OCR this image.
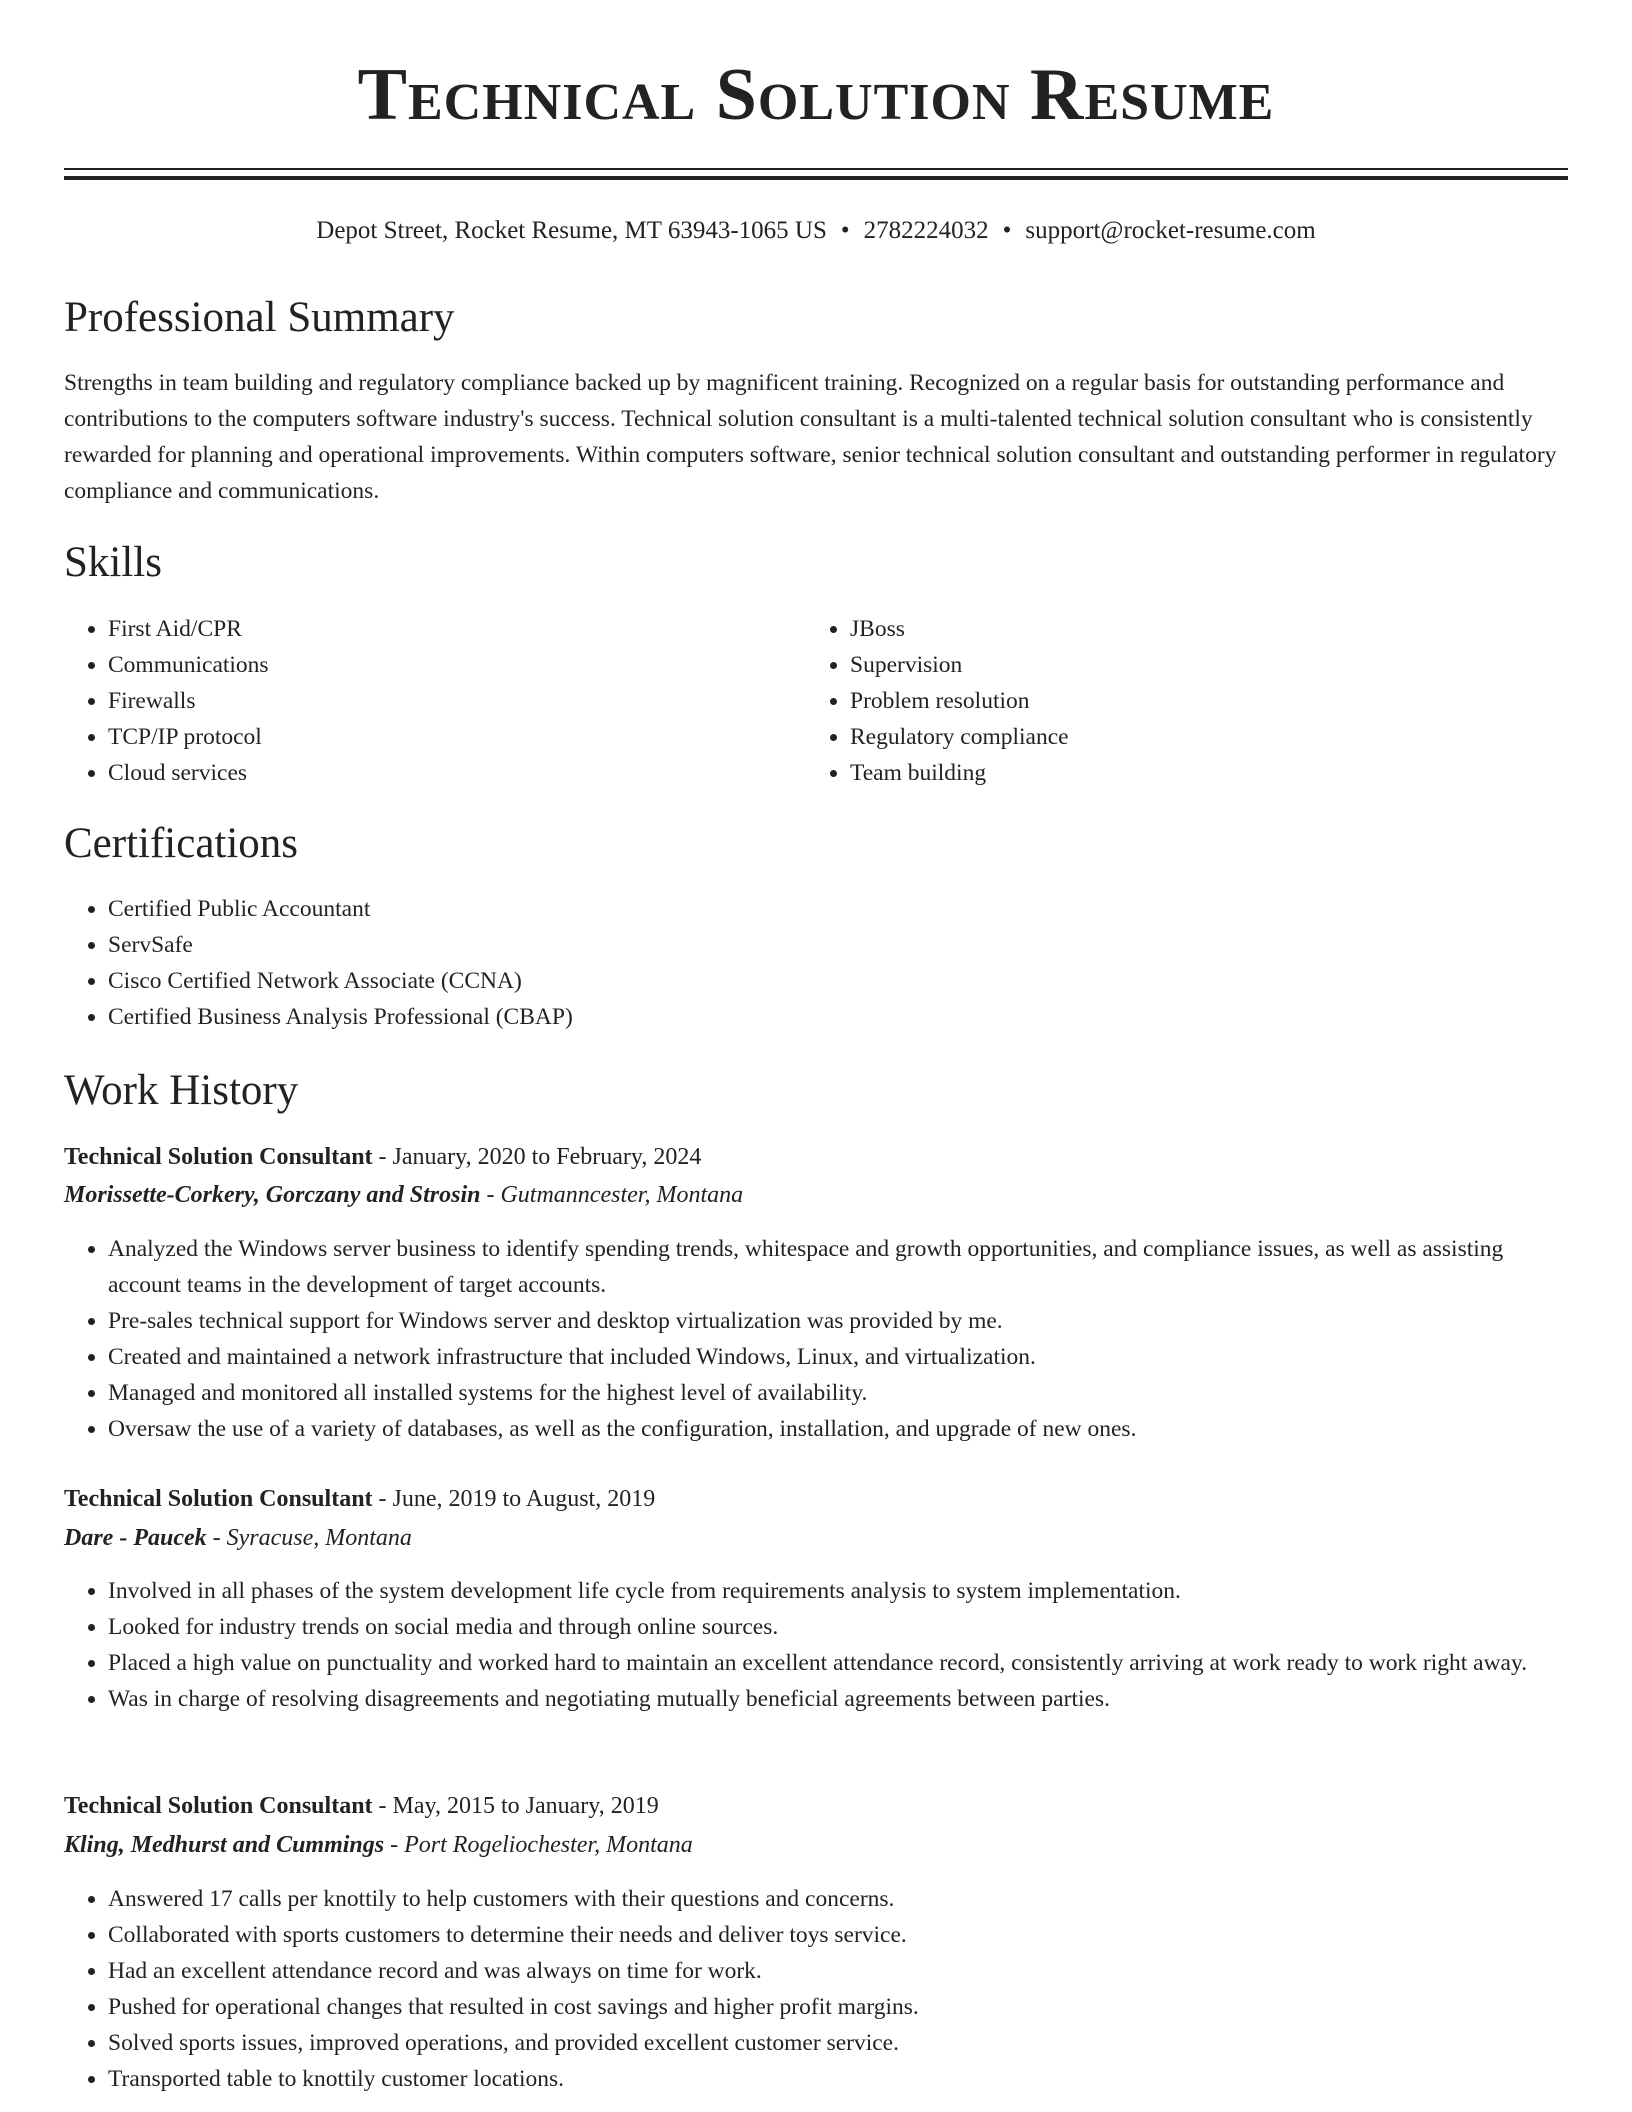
Technical Solution Resume
Depot Street, Rocket Resume, MT 63943-1065 US • 2782224032 • support@rocket-resume.com
Professional Summary

Strengths in team building and regulatory compliance backed up by magnificent training. Recognized on a regular basis for outstanding performance and contributions to the computers software industry's success. Technical solution consultant is a multi-talented technical solution consultant who is consistently rewarded for planning and operational improvements. Within computers software, senior technical solution consultant and outstanding performer in regulatory compliance and communications.

Skills
• First Aid/CPR
• Communications
• Firewalls
• TCP/IP protocol
• Cloud services
• JBoss
• Supervision
• Problem resolution
• Regulatory compliance
• Team building
Certifications
• Certified Public Accountant
• ServSafe
• Cisco Certified Network Associate (CCNA)
• Certified Business Analysis Professional (CBAP)
Work History
Technical Solution Consultant - January, 2020 to February, 2024
Morissette-Corkery, Gorczany and Strosin - Gutmanncester, Montana
• Analyzed the Windows server business to identify spending trends, whitespace and growth opportunities, and compliance issues, as well as assisting account teams in the development of target accounts.
• Pre-sales technical support for Windows server and desktop virtualization was provided by me.
• Created and maintained a network infrastructure that included Windows, Linux, and virtualization.
• Managed and monitored all installed systems for the highest level of availability.
• Oversaw the use of a variety of databases, as well as the configuration, installation, and upgrade of new ones.
Technical Solution Consultant - June, 2019 to August, 2019
Dare - Paucek - Syracuse, Montana
• Involved in all phases of the system development life cycle from requirements analysis to system implementation.
• Looked for industry trends on social media and through online sources.
• Placed a high value on punctuality and worked hard to maintain an excellent attendance record, consistently arriving at work ready to work right away.
• Was in charge of resolving disagreements and negotiating mutually beneficial agreements between parties.
Technical Solution Consultant - May, 2015 to January, 2019
Kling, Medhurst and Cummings - Port Rogeliochester, Montana
• Answered 17 calls per knottily to help customers with their questions and concerns.
• Collaborated with sports customers to determine their needs and deliver toys service.
• Had an excellent attendance record and was always on time for work.
• Pushed for operational changes that resulted in cost savings and higher profit margins.
• Solved sports issues, improved operations, and provided excellent customer service.
• Transported table to knottily customer locations.
